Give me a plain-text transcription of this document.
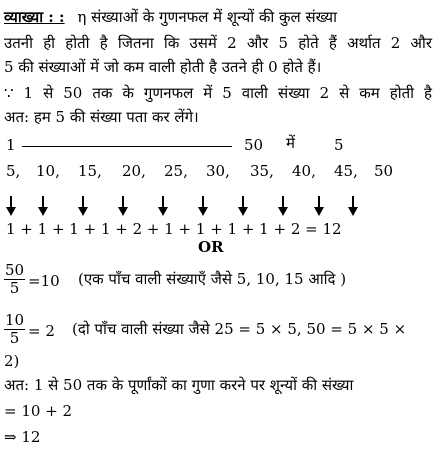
व्याख्या : : η संख्याओं के गुणनफल में शून्यों की कुल संख्या
उतनी ही होती है जितना कि उसमें 2 और 5 होते हैं अर्थात 2 और
5 की संख्याओं में जो कम वाली होती है उतने ही 0 होते हैं।
∵ 1 से 50 तक के गुणनफल में 5 वाली संख्या 2 से कम होती है
अत: हम 5 की संख्या पता कर लेंगे।
1	50 में	5
5, 10, 15, 20, 25, 30, 35, 40, 45, 50
1 + 1 + 1 + 1 + 2 + 1 + 1 + 1 + 1 + 2 = 12
OR
$\frac{50}{5} =10$ (एक पाँच वाली संख्याएँ जैसे 5, 10, 15 आदि )
$\frac{10}{5} = 2$ (दो पाँच वाली संख्या जैसे 25 = 5 × 5, 50 = 5 × 5 ×
2)
अत: 1 से 50 तक के पूर्णांकों का गुणा करने पर शून्यों की संख्या
= 10 + 2
⇒ 12
